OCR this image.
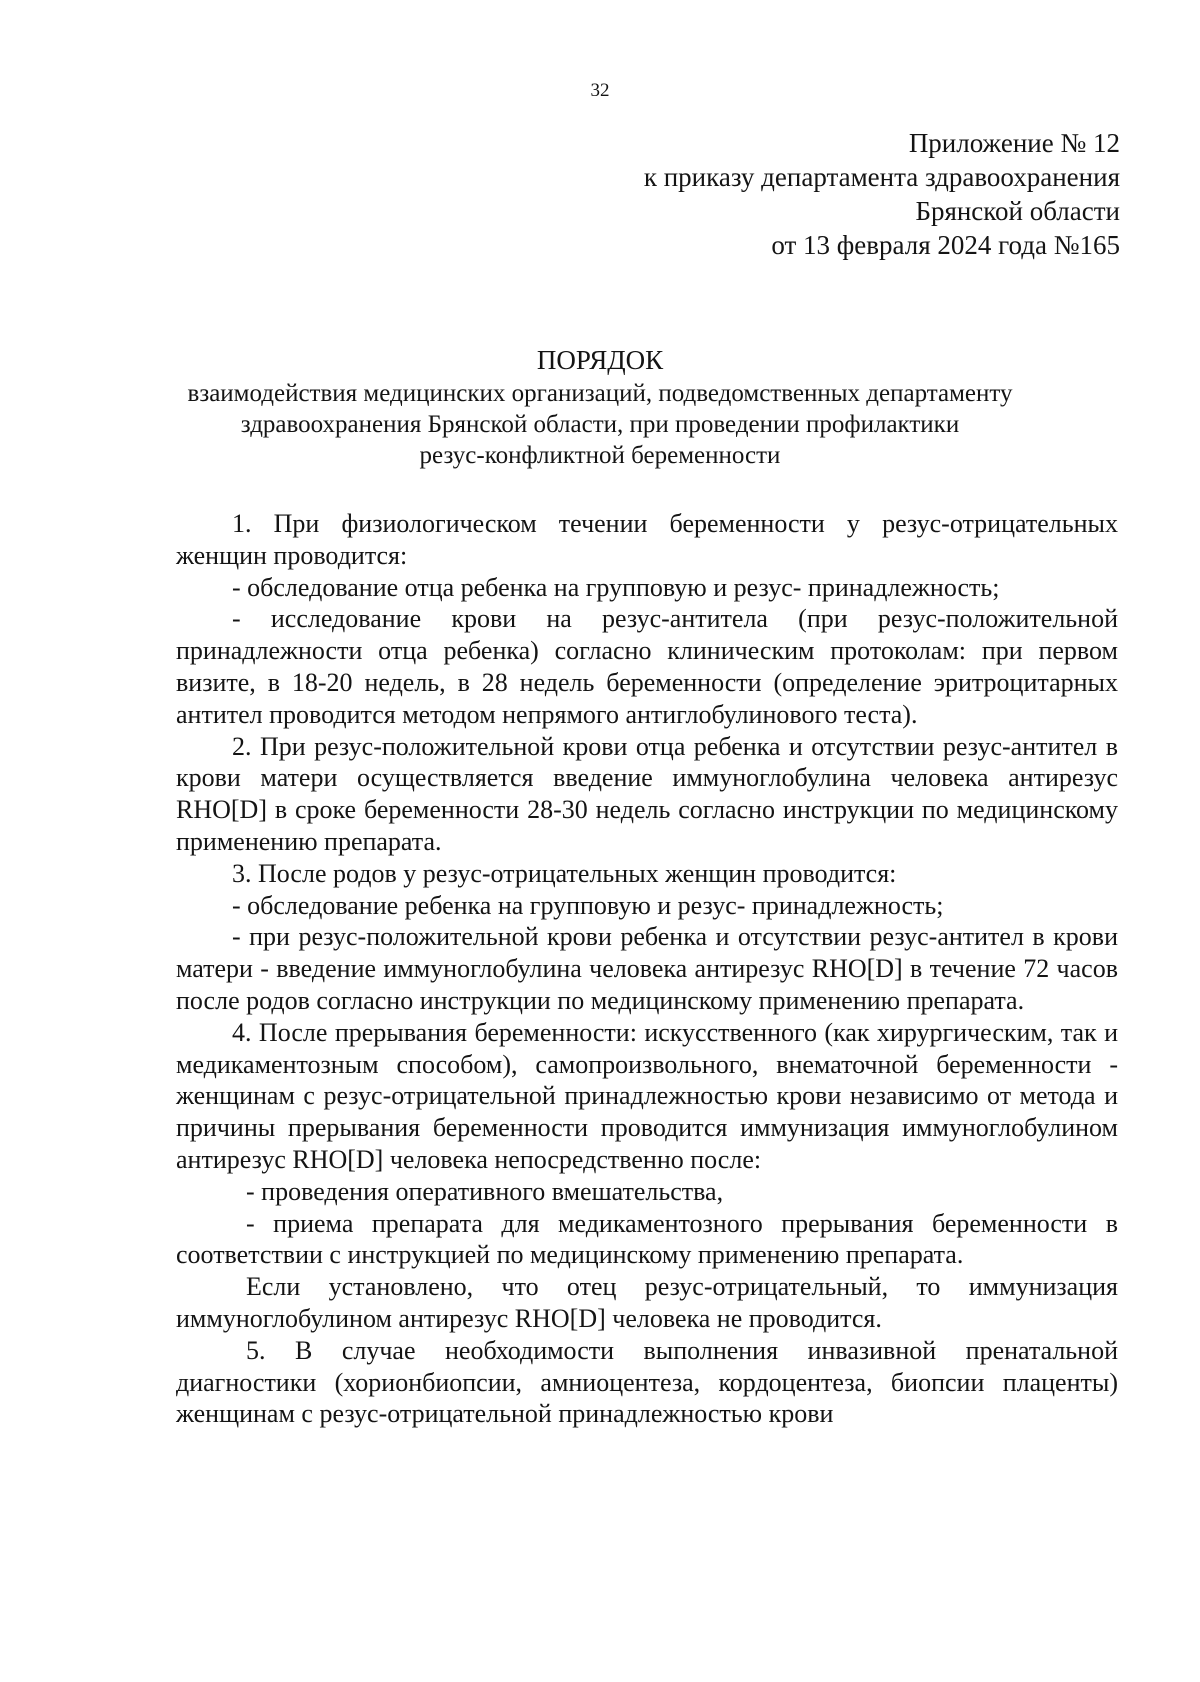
32
Приложение № 12
к приказу департамента здравоохранения
Брянской области
от 13 февраля 2024 года №165
ПОРЯДОК
взаимодействия медицинских организаций, подведомственных департаменту
здравоохранения Брянской области, при проведении профилактики
резус-конфликтной беременности

1. При физиологическом течении беременности у резус-отрицательных женщин проводится:

- обследование отца ребенка на групповую и резус- принадлежность;

- исследование крови на резус-антитела (при резус-положительной принадлежности отца ребенка) согласно клиническим протоколам: при первом визите, в 18-20 недель, в 28 недель беременности (определение эритроцитарных антител проводится методом непрямого антиглобулинового теста).

2. При резус-положительной крови отца ребенка и отсутствии резус-антител в крови матери осуществляется введение иммуноглобулина человека антирезус RHO[D] в сроке беременности 28-30 недель согласно инструкции по медицинскому применению препарата.

3. После родов у резус-отрицательных женщин проводится:

- обследование ребенка на групповую и резус- принадлежность;

- при резус-положительной крови ребенка и отсутствии резус-антител в крови матери - введение иммуноглобулина человека антирезус RHO[D] в течение 72 часов после родов согласно инструкции по медицинскому применению препарата.

4. После прерывания беременности: искусственного (как хирургическим, так и медикаментозным способом), самопроизвольного, внематочной беременности - женщинам с резус-отрицательной принадлежностью крови независимо от метода и причины прерывания беременности проводится иммунизация иммуноглобулином антирезус RHO[D] человека непосредственно после:

- проведения оперативного вмешательства,

- приема препарата для медикаментозного прерывания беременности в соответствии с инструкцией по медицинскому применению препарата.

Если установлено, что отец резус-отрицательный, то иммунизация иммуноглобулином антирезус RHO[D] человека не проводится.

5. В случае необходимости выполнения инвазивной пренатальной диагностики (хорионбиопсии, амниоцентеза, кордоцентеза, биопсии плаценты) женщинам с резус-отрицательной принадлежностью крови
